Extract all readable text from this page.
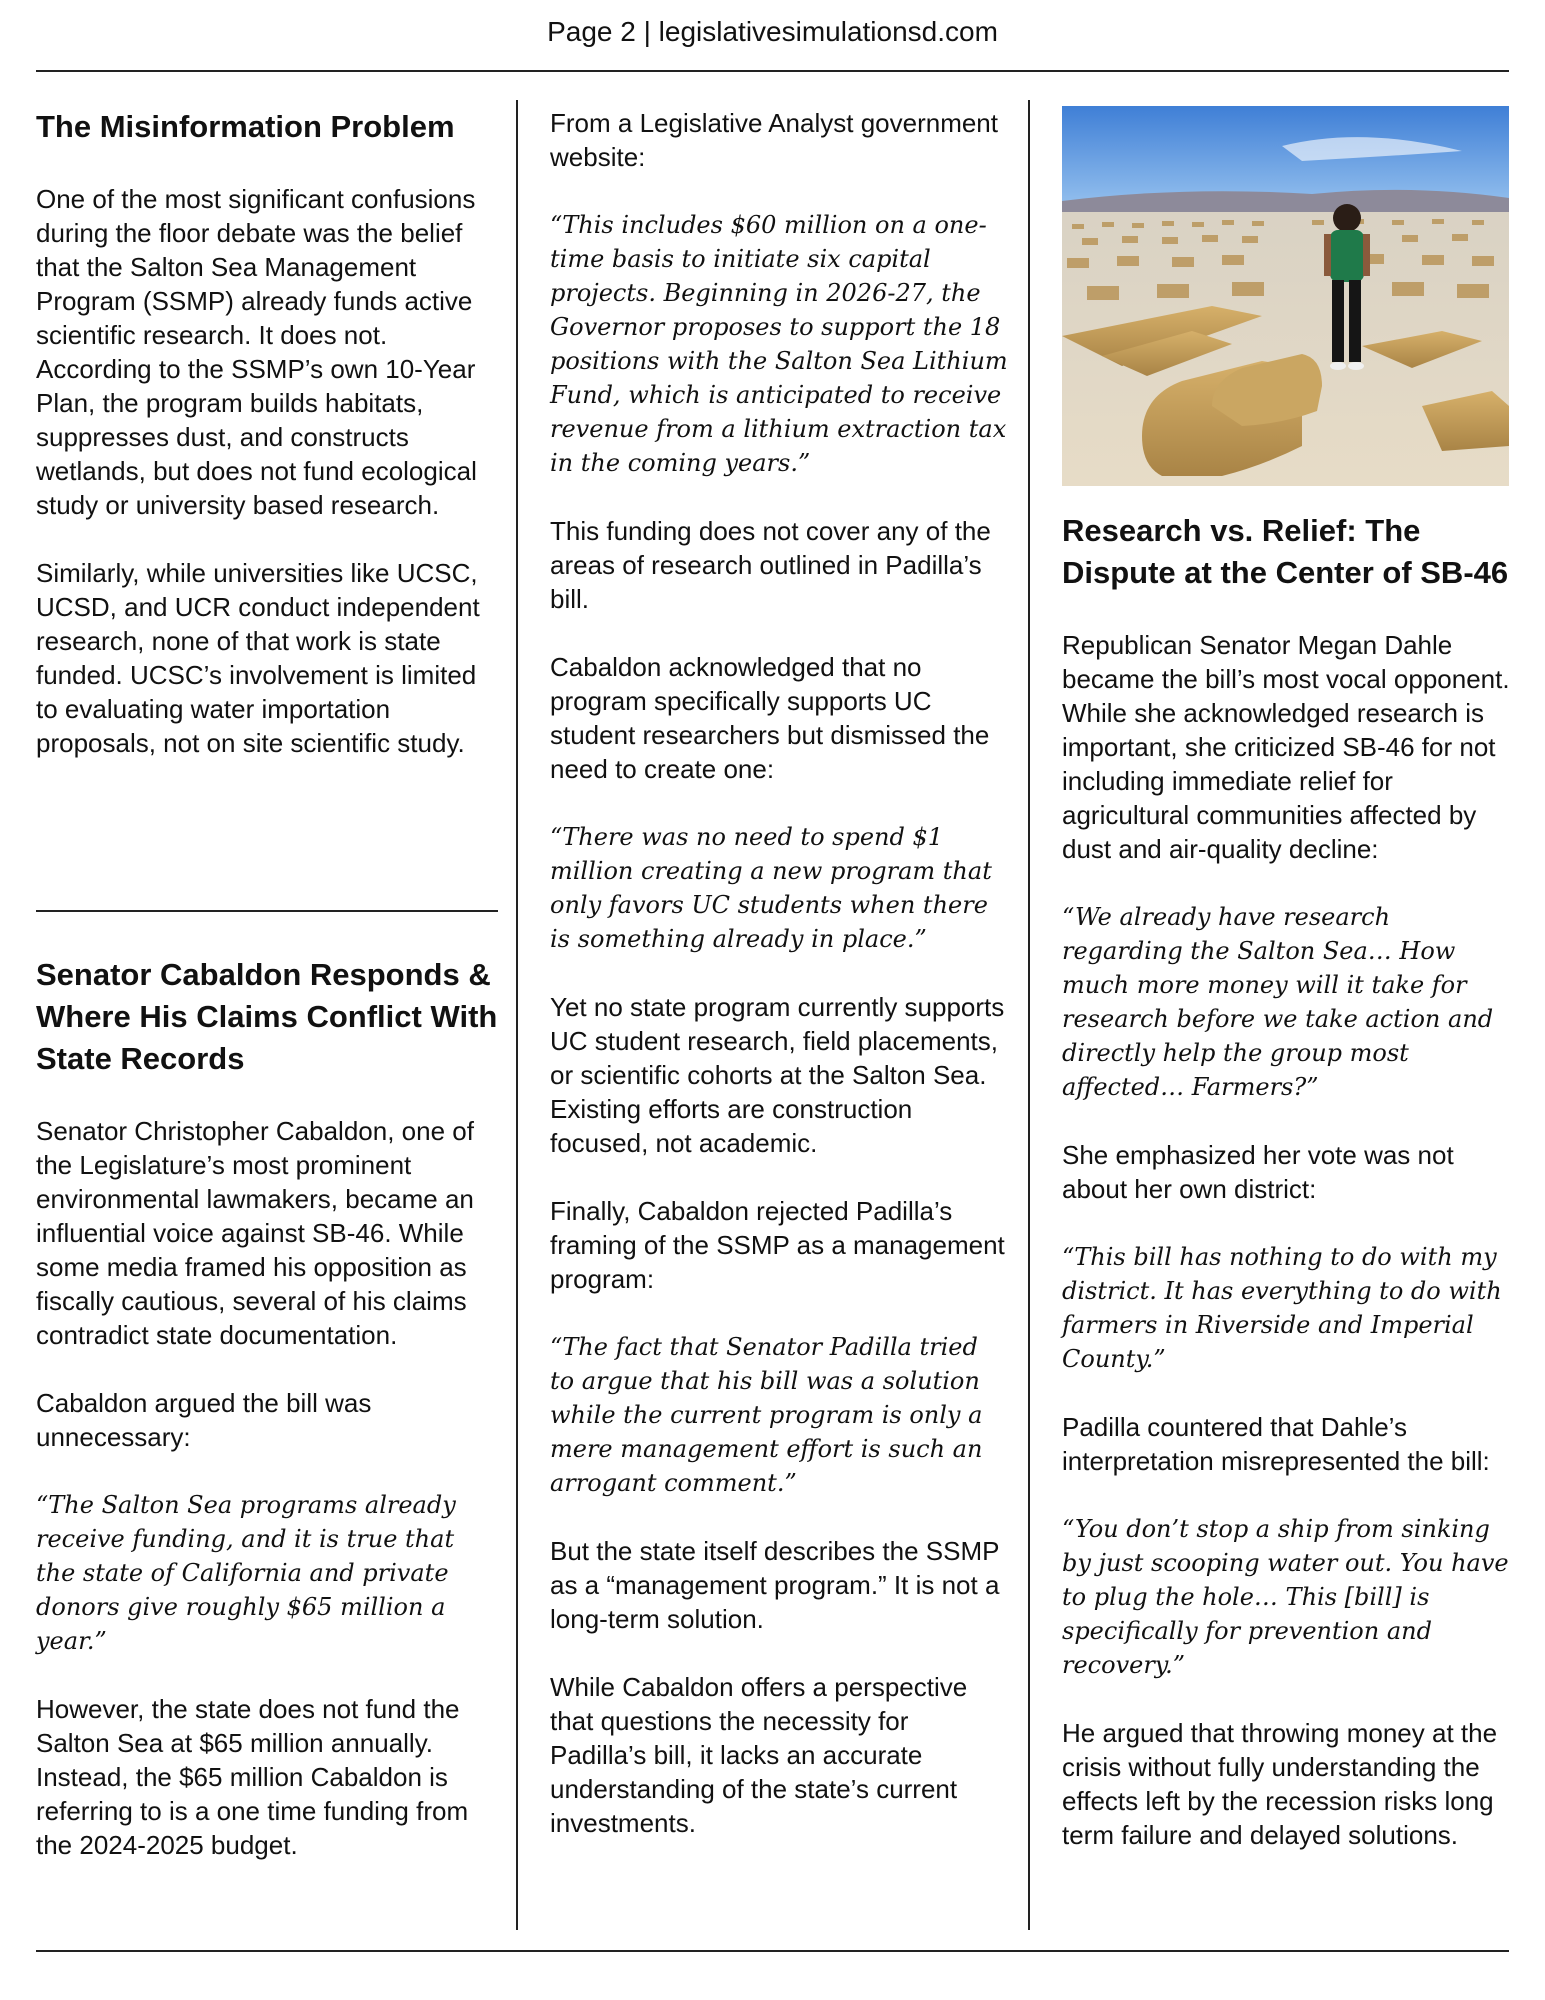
Page 2 | legislativesimulationsd.com
The Misinformation Problem

One of the most significant confusions during the floor debate was the belief that the Salton Sea Management Program (SSMP) already funds active scientific research. It does not. According to the SSMP’s own 10-Year Plan, the program builds habitats, suppresses dust, and constructs wetlands, but does not fund ecological study or university based research.

Similarly, while universities like UCSC, UCSD, and UCR conduct independent research, none of that work is state funded. UCSC’s involvement is limited to evaluating water importation proposals, not on site scientific study.

Senator Cabaldon Responds & Where His Claims Conflict With State Records

Senator Christopher Cabaldon, one of the Legislature’s most prominent environmental lawmakers, became an influential voice against SB-46. While some media framed his opposition as fiscally cautious, several of his claims contradict state documentation.

Cabaldon argued the bill was unnecessary:

“The Salton Sea programs already receive funding, and it is true that the state of California and private donors give roughly $65 million a year.”

However, the state does not fund the Salton Sea at $65 million annually. Instead, the $65 million Cabaldon is referring to is a one time funding from the 2024-2025 budget.

From a Legislative Analyst government website:

“This includes $60 million on a one-time basis to initiate six capital projects. Beginning in 2026-27, the Governor proposes to support the 18 positions with the Salton Sea Lithium Fund, which is anticipated to receive revenue from a lithium extraction tax in the coming years.”

This funding does not cover any of the areas of research outlined in Padilla’s bill.

Cabaldon acknowledged that no program specifically supports UC student researchers but dismissed the need to create one:

“There was no need to spend $1 million creating a new program that only favors UC students when there is something already in place.”

Yet no state program currently supports UC student research, field placements, or scientific cohorts at the Salton Sea. Existing efforts are construction focused, not academic.

Finally, Cabaldon rejected Padilla’s framing of the SSMP as a management program:

“The fact that Senator Padilla tried to argue that his bill was a solution while the current program is only a mere management effort is such an arrogant comment.”

But the state itself describes the SSMP as a “management program.” It is not a long-term solution.

While Cabaldon offers a perspective that questions the necessity for Padilla’s bill, it lacks an accurate understanding of the state’s current investments.

Research vs. Relief: The Dispute at the Center of SB-46

Republican Senator Megan Dahle became the bill’s most vocal opponent. While she acknowledged research is important, she criticized SB-46 for not including immediate relief for agricultural communities affected by dust and air-quality decline:

“We already have research regarding the Salton Sea… How much more money will it take for research before we take action and directly help the group most affected… Farmers?”

She emphasized her vote was not about her own district:

“This bill has nothing to do with my district. It has everything to do with farmers in Riverside and Imperial County.”

Padilla countered that Dahle’s interpretation misrepresented the bill:

“You don’t stop a ship from sinking by just scooping water out. You have to plug the hole… This [bill] is specifically for prevention and recovery.”

He argued that throwing money at the crisis without fully understanding the effects left by the recession risks long term failure and delayed solutions.
